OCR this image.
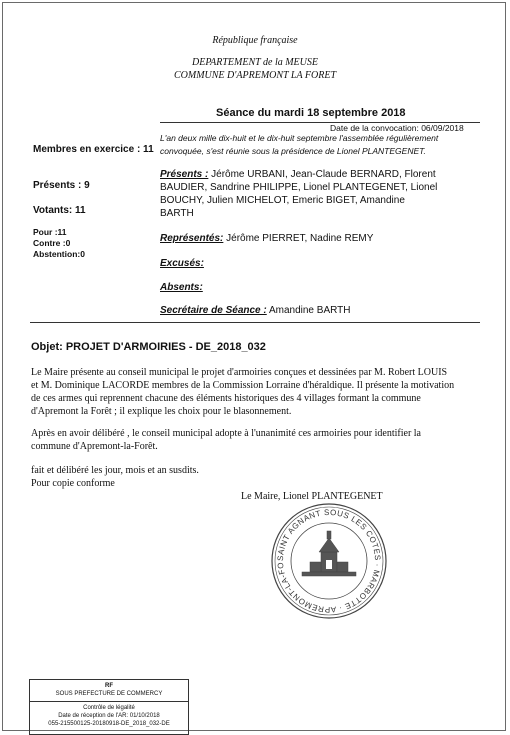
République française
DEPARTEMENT de la MEUSE
COMMUNE D'APREMONT LA FORET
Séance du mardi 18 septembre 2018
Date de la convocation: 06/09/2018
L'an deux mille dix-huit et le dix-huit septembre l'assemblée régulièrement
convoquée, s'est réunie sous la présidence de Lionel PLANTEGENET.
Membres en exercice : 11
Présents : 9
Votants: 11
Pour :11
Contre :0
Abstention:0
Présents : Jérôme URBANI, Jean-Claude BERNARD, Florent
BAUDIER, Sandrine PHILIPPE, Lionel PLANTEGENET, Lionel
BOUCHY, Julien MICHELOT, Emeric BIGET, Amandine
BARTH
Représentés: Jérôme PIERRET, Nadine REMY
Excusés:
Absents:
Secrétaire de Séance : Amandine BARTH
Objet: PROJET D'ARMOIRIES - DE_2018_032
Le Maire présente au conseil municipal le projet d'armoiries conçues et dessinées par M. Robert LOUIS
et M. Dominique LACORDE membres de la Commission Lorraine d'héraldique. Il présente la motivation
de ces armes qui reprennent chacune des éléments historiques des 4 villages formant la commune
d'Apremont la Forêt ; il explique les choix pour le blasonnement.
Après en avoir délibéré , le conseil municipal adopte à l'unanimité ces armoiries pour identifier la
commune d'Apremont-la-Forêt.
fait et délibéré les jour, mois et an susdits.
Pour copie conforme
Le Maire, Lionel PLANTEGENET
SAINT AGNANT SOUS LES COTES · MARBOTTE · APREMONT-LA-FO
RF
SOUS PREFECTURE DE COMMERCY
Contrôle de légalité
Date de réception de l'AR: 01/10/2018
055-215500125-20180918-DE_2018_032-DE
